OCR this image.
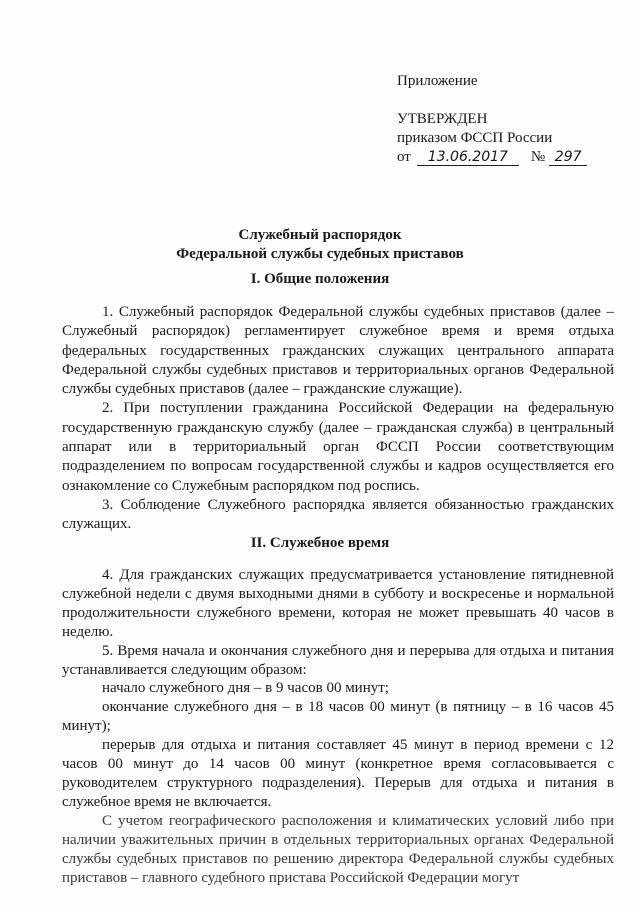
Приложение
УТВЕРЖДЕН
приказом ФССП России
от 13.06.2017 № 297
Служебный распорядок
Федеральной службы судебных приставов
I. Общие положения

1. Служебный распорядок Федеральной службы судебных приставов (далее – Служебный распорядок) регламентирует служебное время и время отдыха федеральных государственных гражданских служащих центрального аппарата Федеральной службы судебных приставов и территориальных органов Федеральной службы судебных приставов (далее – гражданские служащие).

2. При поступлении гражданина Российской Федерации на федеральную государственную гражданскую службу (далее – гражданская служба) в центральный аппарат или в территориальный орган ФССП России соответствующим подразделением по вопросам государственной службы и кадров осуществляется его ознакомление со Служебным распорядком под роспись.

3. Соблюдение Служебного распорядка является обязанностью гражданских служащих.

II. Служебное время

4. Для гражданских служащих предусматривается установление пятидневной служебной недели с двумя выходными днями в субботу и воскресенье и нормальной продолжительности служебного времени, которая не может превышать 40 часов в неделю.

5. Время начала и окончания служебного дня и перерыва для отдыха и питания устанавливается следующим образом:

начало служебного дня – в 9 часов 00 минут;

окончание служебного дня – в 18 часов 00 минут (в пятницу – в 16 часов 45 минут);

перерыв для отдыха и питания составляет 45 минут в период времени с 12 часов 00 минут до 14 часов 00 минут (конкретное время согласовывается с руководителем структурного подразделения). Перерыв для отдыха и питания в служебное время не включается.

С учетом географического расположения и климатических условий либо при наличии уважительных причин в отдельных территориальных органах Федеральной службы судебных приставов по решению директора Федеральной службы судебных приставов – главного судебного пристава Российской Федерации могут
